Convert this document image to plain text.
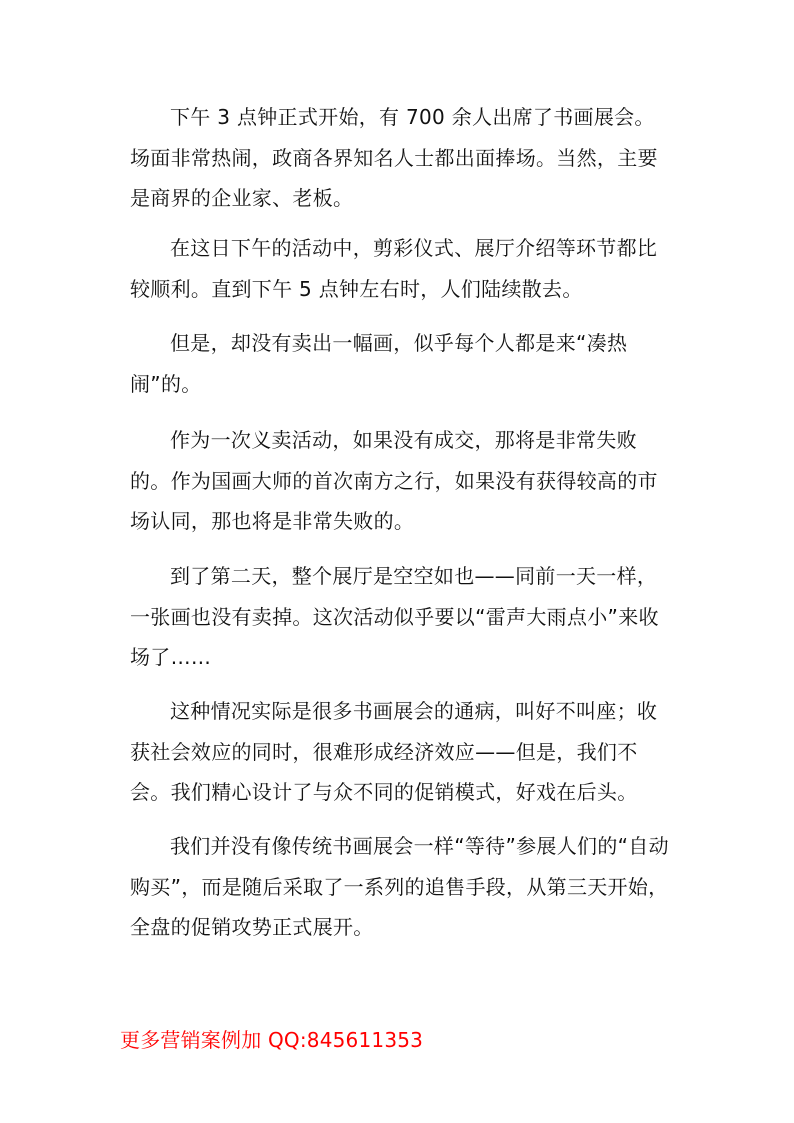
下午 3 点钟正式开始，有 700 余人出席了书画展会。场面非常热闹，政商各界知名人士都出面捧场。当然，主要是商界的企业家、老板。

在这日下午的活动中，剪彩仪式、展厅介绍等环节都比较顺利。直到下午 5 点钟左右时，人们陆续散去。

但是，却没有卖出一幅画，似乎每个人都是来“凑热闹”的。

作为一次义卖活动，如果没有成交，那将是非常失败的。作为国画大师的首次南方之行，如果没有获得较高的市场认同，那也将是非常失败的。

到了第二天，整个展厅是空空如也——同前一天一样，一张画也没有卖掉。这次活动似乎要以“雷声大雨点小”来收场了……

这种情况实际是很多书画展会的通病，叫好不叫座；收获社会效应的同时，很难形成经济效应——但是，我们不会。我们精心设计了与众不同的促销模式，好戏在后头。

我们并没有像传统书画展会一样“等待”参展人们的“自动购买”，而是随后采取了一系列的追售手段，从第三天开始，全盘的促销攻势正式展开。

更多营销案例加 QQ:845611353
